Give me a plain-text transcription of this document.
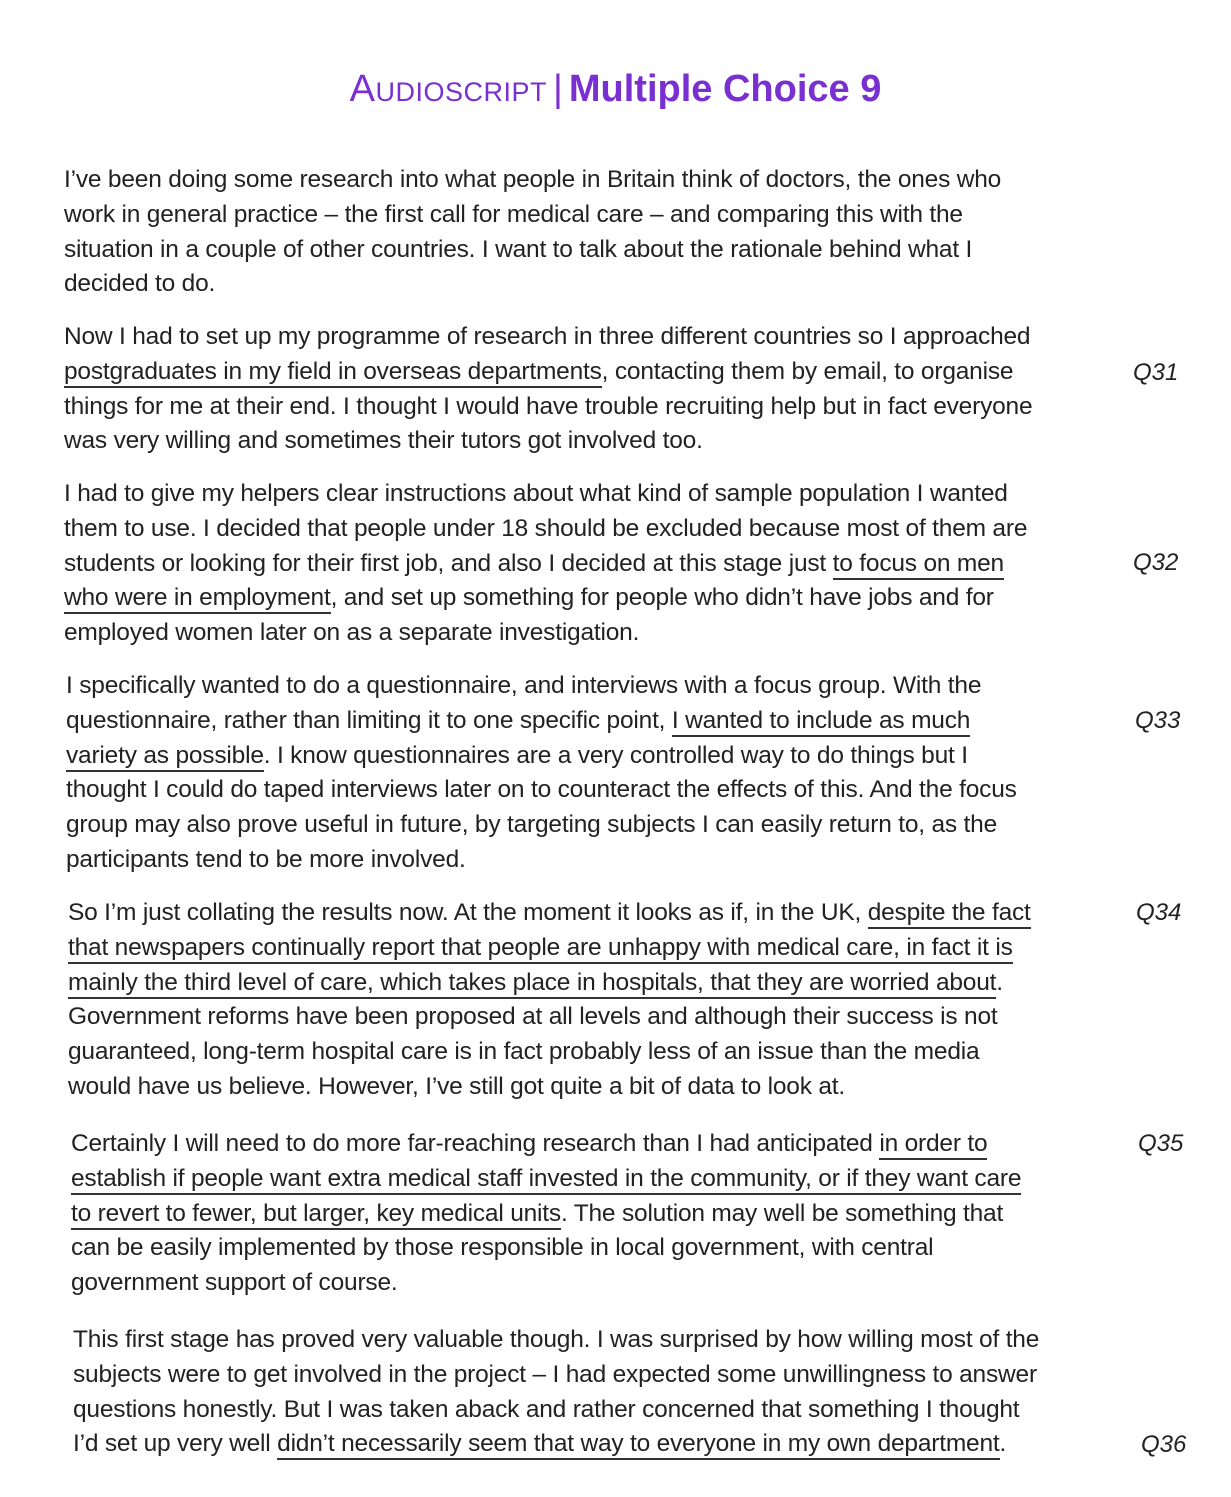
Audioscript | Multiple Choice 9

I’ve been doing some research into what people in Britain think of doctors, the ones who
work in general practice – the first call for medical care – and comparing this with the
situation in a couple of other countries. I want to talk about the rationale behind what I
decided to do.

Now I had to set up my programme of research in three different countries so I approached
postgraduates in my field in overseas departments, contacting them by email, to organise
things for me at their end. I thought I would have trouble recruiting help but in fact everyone
was very willing and sometimes their tutors got involved too.

Q31

I had to give my helpers clear instructions about what kind of sample population I wanted
them to use. I decided that people under 18 should be excluded because most of them are
students or looking for their first job, and also I decided at this stage just to focus on men
who were in employment, and set up something for people who didn’t have jobs and for
employed women later on as a separate investigation.

Q32

I specifically wanted to do a questionnaire, and interviews with a focus group. With the
questionnaire, rather than limiting it to one specific point, I wanted to include as much
variety as possible. I know questionnaires are a very controlled way to do things but I
thought I could do taped interviews later on to counteract the effects of this. And the focus
group may also prove useful in future, by targeting subjects I can easily return to, as the
participants tend to be more involved.

Q33

So I’m just collating the results now. At the moment it looks as if, in the UK, despite the fact
that newspapers continually report that people are unhappy with medical care, in fact it is
mainly the third level of care, which takes place in hospitals, that they are worried about.
Government reforms have been proposed at all levels and although their success is not
guaranteed, long-term hospital care is in fact probably less of an issue than the media
would have us believe. However, I’ve still got quite a bit of data to look at.

Q34

Certainly I will need to do more far-reaching research than I had anticipated in order to
establish if people want extra medical staff invested in the community, or if they want care
to revert to fewer, but larger, key medical units. The solution may well be something that
can be easily implemented by those responsible in local government, with central
government support of course.

Q35

This first stage has proved very valuable though. I was surprised by how willing most of the
subjects were to get involved in the project – I had expected some unwillingness to answer
questions honestly. But I was taken aback and rather concerned that something I thought
I’d set up very well didn’t necessarily seem that way to everyone in my own department.	Q36
